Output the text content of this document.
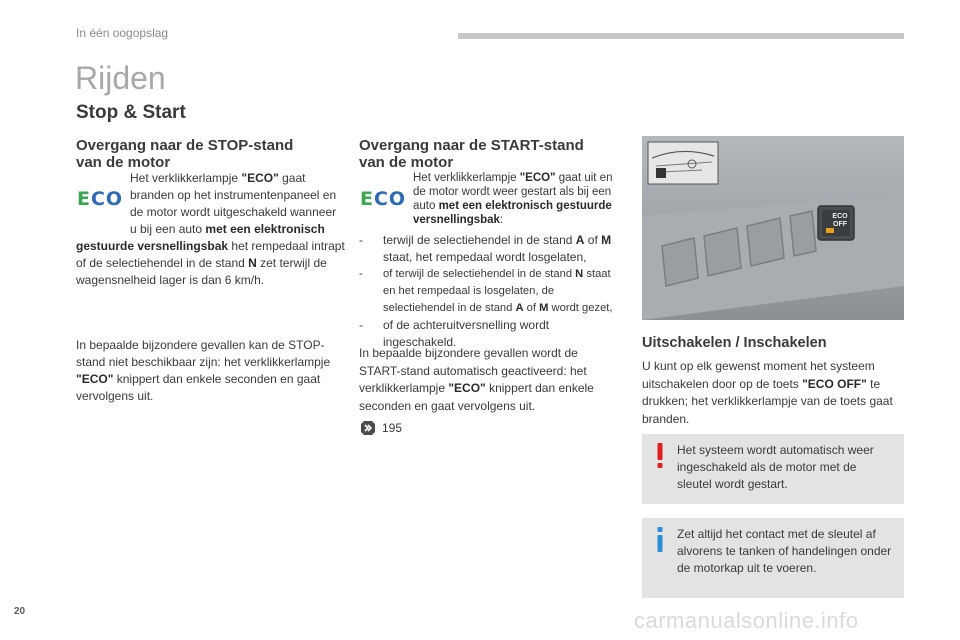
In één oogopslag
Rijden
Stop & Start
Overgang naar de STOP-stand
van de motor
E CO
Het verklikkerlampje "ECO" gaat branden op het instrumentenpaneel en de motor wordt uitgeschakeld wanneer u bij een auto met een elektronisch gestuurde versnellingsbak het rempedaal intrapt of de selectiehendel in de stand N zet terwijl de wagensnelheid lager is dan 6 km/h.
In bepaalde bijzondere gevallen kan de STOP-stand niet beschikbaar zijn: het verklikkerlampje "ECO" knippert dan enkele seconden en gaat vervolgens uit.
Overgang naar de START-stand
van de motor
E CO
Het verklikkerlampje "ECO" gaat uit en de motor wordt weer gestart als bij een auto met een elektronisch gestuurde versnellingsbak:
- terwijl de selectiehendel in de stand A of M staat, het rempedaal wordt losgelaten,
- of terwijl de selectiehendel in de stand N staat en het rempedaal is losgelaten, de selectiehendel in de stand A of M wordt gezet,
- of de achteruitversnelling wordt ingeschakeld.
In bepaalde bijzondere gevallen wordt de START-stand automatisch geactiveerd: het verklikkerlampje "ECO" knippert dan enkele seconden en gaat vervolgens uit.
195
ECO
OFF
Uitschakelen / Inschakelen
U kunt op elk gewenst moment het systeem uitschakelen door op de toets "ECO OFF" te drukken; het verklikkerlampje van de toets gaat branden.
Het systeem wordt automatisch weer ingeschakeld als de motor met de sleutel wordt gestart.
Zet altijd het contact met de sleutel af alvorens te tanken of handelingen onder de motorkap uit te voeren.
20	carmanualsonline.info
